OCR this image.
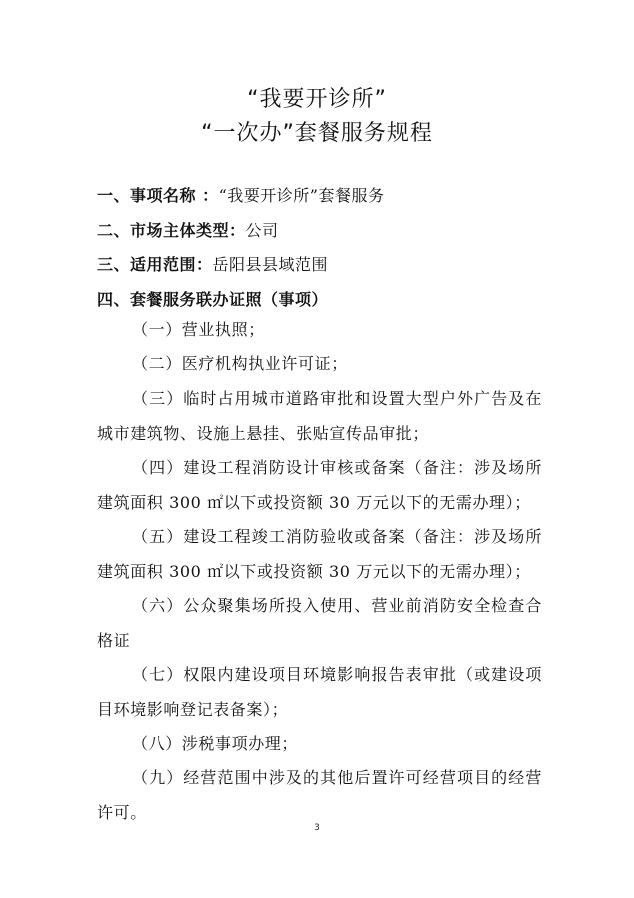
“我要开诊所”
“一次办”套餐服务规程
一、事项名称 ：“我要开诊所”套餐服务
二、市场主体类型：公司
三、适用范围：岳阳县县域范围
四、套餐服务联办证照（事项）
（一）营业执照；
（二）医疗机构执业许可证；
（三）临时占用城市道路审批和设置大型户外广告及在城市建筑物、设施上悬挂、张贴宣传品审批；
（四）建设工程消防设计审核或备案（备注：涉及场所建筑面积 300 ㎡以下或投资额 30 万元以下的无需办理）；
（五）建设工程竣工消防验收或备案（备注：涉及场所建筑面积 300 ㎡以下或投资额 30 万元以下的无需办理）；
（六）公众聚集场所投入使用、营业前消防安全检查合格证
（七）权限内建设项目环境影响报告表审批（或建设项目环境影响登记表备案）；
（八）涉税事项办理；
（九）经营范围中涉及的其他后置许可经营项目的经营许可。
3
